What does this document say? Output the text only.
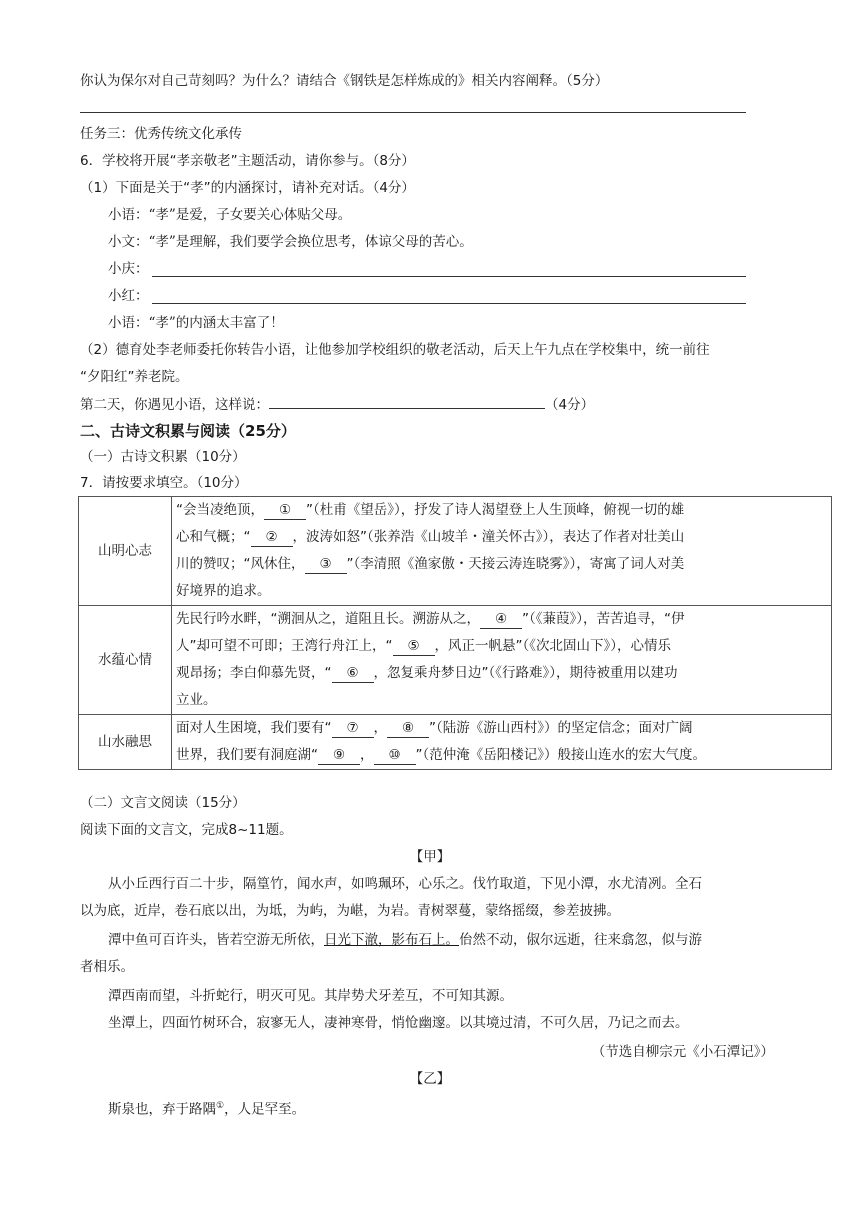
你认为保尔对自己苛刻吗？为什么？请结合《钢铁是怎样炼成的》相关内容阐释。（5分）
任务三：优秀传统文化承传
6．学校将开展“孝亲敬老”主题活动，请你参与。（8分）
（1）下面是关于“孝”的内涵探讨，请补充对话。（4分）
小语：“孝”是爱，子女要关心体贴父母。
小文：“孝”是理解，我们要学会换位思考，体谅父母的苦心。
小庆：
小红：
小语：“孝”的内涵太丰富了！
（2）德育处李老师委托你转告小语，让他参加学校组织的敬老活动，后天上午九点在学校集中，统一前往
“夕阳红”养老院。
第二天，你遇见小语，这样说：	（4分）
二、古诗文积累与阅读（25分）
（一）古诗文积累（10分）
7．请按要求填空。（10分）
山明心志	“会当凌绝顶， ① ”（杜甫《望岳》），抒发了诗人渴望登上人生顶峰，俯视一切的雄
心和气概；“ ② ，波涛如怒”（张养浩《山坡羊・潼关怀古》），表达了作者对壮美山
川的赞叹；“风休住， ③ ”（李清照《渔家傲・天接云涛连晓雾》），寄寓了词人对美
好境界的追求。

水蕴心情	先民行吟水畔，“溯洄从之，道阻且长。溯游从之， ④ ”（《蒹葭》），苦苦追寻，“伊
人”却可望不可即；王湾行舟江上，“ ⑤ ，风正一帆悬”（《次北固山下》），心情乐
观昂扬；李白仰慕先贤，“ ⑥ ，忽复乘舟梦日边”（《行路难》），期待被重用以建功
立业。

山水融思	面对人生困境，我们要有“ ⑦ ， ⑧ ”（陆游《游山西村》）的坚定信念；面对广阔
世界，我们要有洞庭湖“ ⑨ ， ⑩ ”（范仲淹《岳阳楼记》）般接山连水的宏大气度。
（二）文言文阅读（15分）
阅读下面的文言文，完成8~11题。
【甲】
从小丘西行百二十步，隔篁竹，闻水声，如鸣珮环，心乐之。伐竹取道，下见小潭，水尤清冽。全石
以为底，近岸，卷石底以出，为坻，为屿，为嵁，为岩。青树翠蔓，蒙络摇缀，参差披拂。
潭中鱼可百许头，皆若空游无所依，日光下澈，影布石上。佁然不动，俶尔远逝，往来翕忽，似与游
者相乐。
潭西南而望，斗折蛇行，明灭可见。其岸势犬牙差互，不可知其源。
坐潭上，四面竹树环合，寂寥无人，凄神寒骨，悄怆幽邃。以其境过清，不可久居，乃记之而去。
（节选自柳宗元《小石潭记》）
【乙】
斯泉也，弃于路隅①，人足罕至。
